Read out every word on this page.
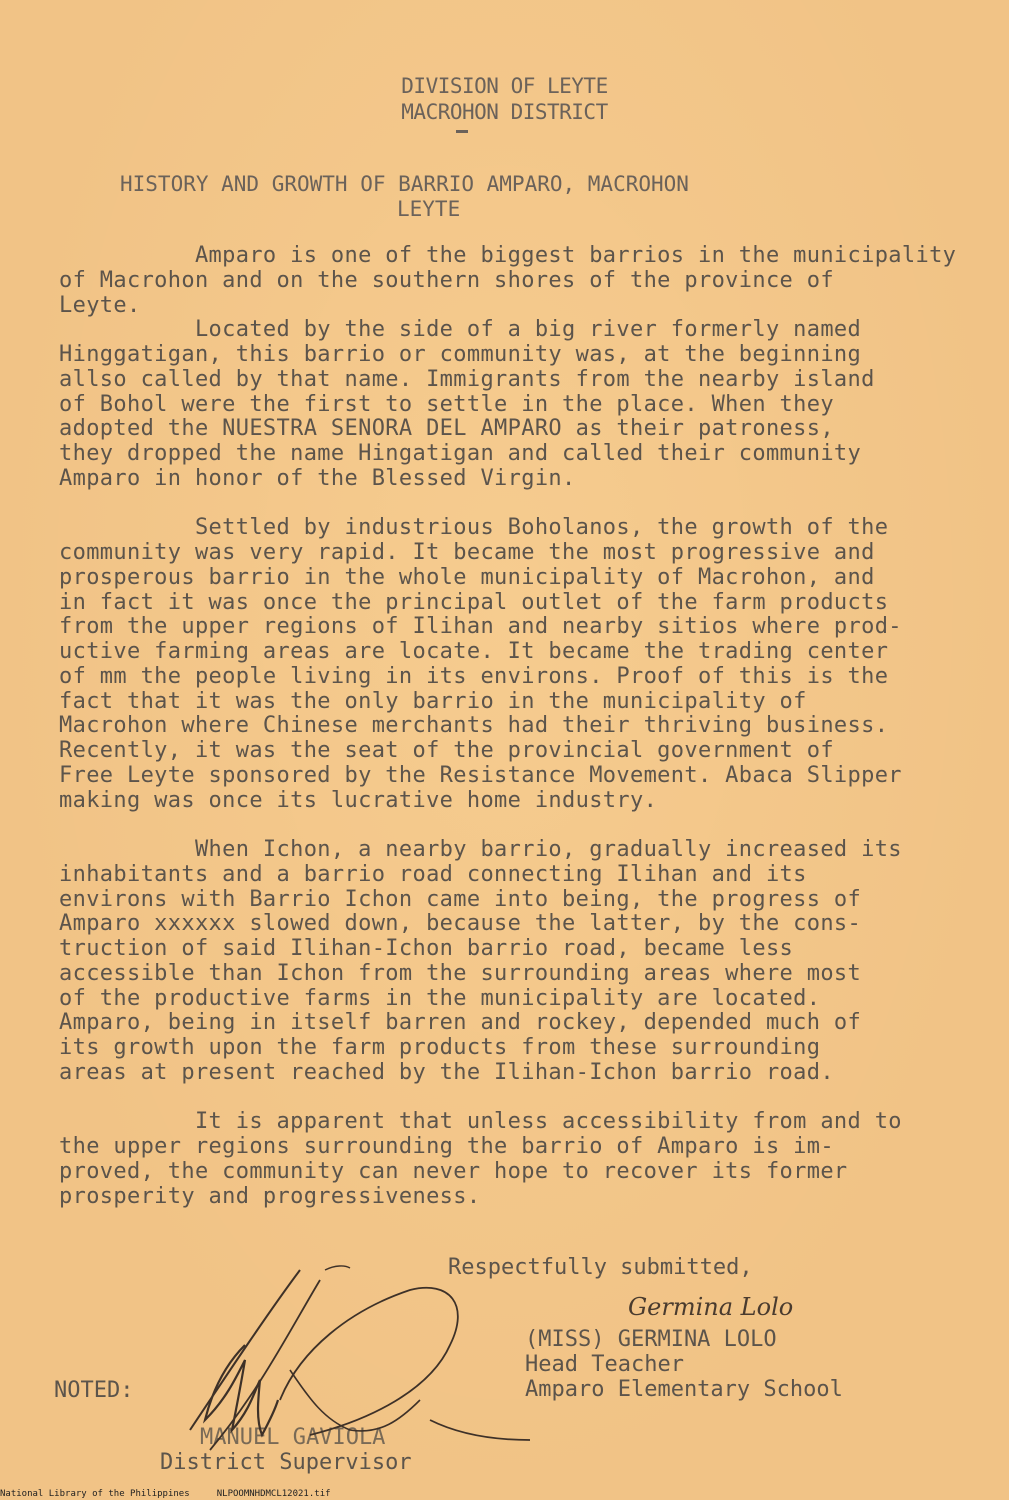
DIVISION OF LEYTE
MACROHON DISTRICT
HISTORY AND GROWTH OF BARRIO AMPARO, MACROHON
LEYTE
Amparo is one of the biggest barrios in the municipality
of Macrohon and on the southern shores of the province of
Leyte.
Located by the side of a big river formerly named
Hinggatigan, this barrio or community was, at the beginning
allso called by that name. Immigrants from the nearby island
of Bohol were the first to settle in the place. When they
adopted the NUESTRA SENORA DEL AMPARO as their patroness,
they dropped the name Hingatigan and called their community
Amparo in honor of the Blessed Virgin.
Settled by industrious Boholanos, the growth of the
community was very rapid. It became the most progressive and
prosperous barrio in the whole municipality of Macrohon, and
in fact it was once the principal outlet of the farm products
from the upper regions of Ilihan and nearby sitios where prod-
uctive farming areas are locate. It became the trading center
of mm the people living in its environs. Proof of this is the
fact that it was the only barrio in the municipality of
Macrohon where Chinese merchants had their thriving business.
Recently, it was the seat of the provincial government of
Free Leyte sponsored by the Resistance Movement. Abaca Slipper
making was once its lucrative home industry.
When Ichon, a nearby barrio, gradually increased its
inhabitants and a barrio road connecting Ilihan and its
environs with Barrio Ichon came into being, the progress of
Amparo xxxxxx slowed down, because the latter, by the cons-
truction of said Ilihan-Ichon barrio road, became less
accessible than Ichon from the surrounding areas where most
of the productive farms in the municipality are located.
Amparo, being in itself barren and rockey, depended much of
its growth upon the farm products from these surrounding
areas at present reached by the Ilihan-Ichon barrio road.
It is apparent that unless accessibility from and to
the upper regions surrounding the barrio of Amparo is im-
proved, the community can never hope to recover its former
prosperity and progressiveness.
Respectfully submitted,
Germina Lolo
(MISS) GERMINA LOLO
Head Teacher
Amparo Elementary School
NOTED:
MANUEL GAVIOLA
District Supervisor
National Library of the Philippines     NLPOOMNHDMCL12021.tif
